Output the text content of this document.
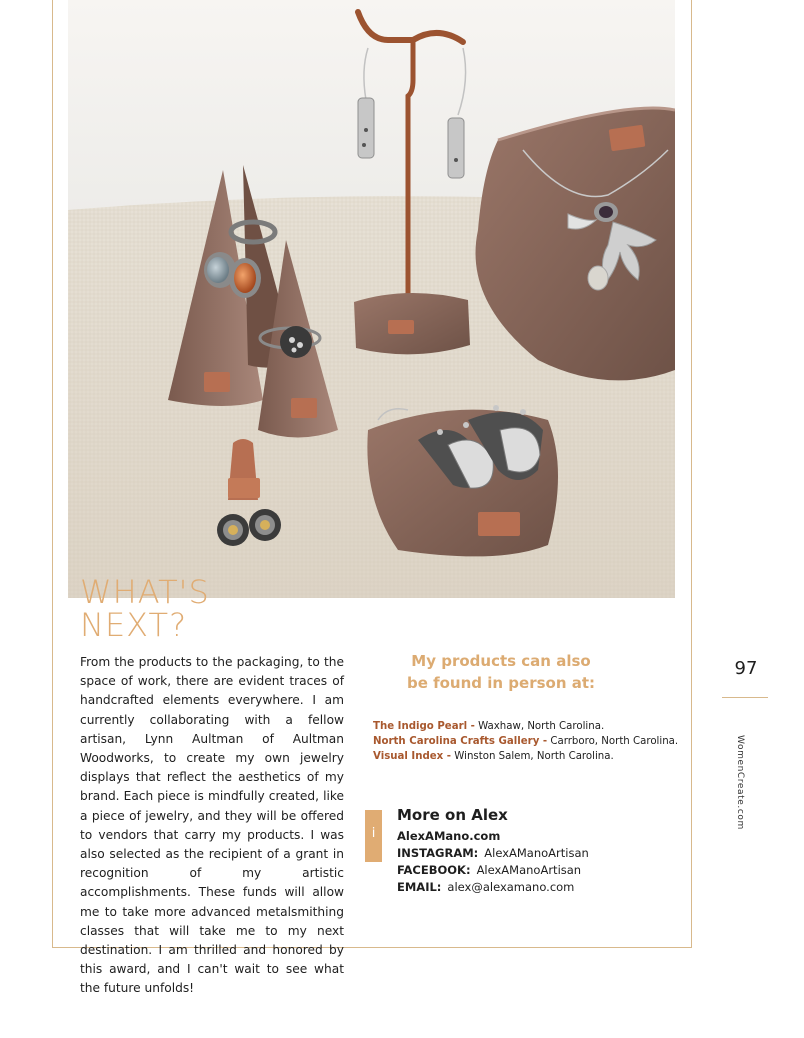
WHAT'S
NEXT?

From the products to the packaging, to the space of work, there are evident traces of handcrafted elements everywhere. I am currently collaborating with a fellow artisan, Lynn Aultman of Aultman Woodworks, to create my own jewelry displays that reflect the aesthetics of my brand. Each piece is mindfully created, like a piece of jewelry, and they will be offered to vendors that carry my products. I was also selected as the recipient of a grant in recognition of my artistic accomplishments. These funds will allow me to take more advanced metalsmithing classes that will take me to my next destination. I am thrilled and honored by this award, and I can't wait to see what the future unfolds!

My products can also
be found in person at:
The Indigo Pearl - Waxhaw, North Carolina.
North Carolina Crafts Gallery - Carrboro, North Carolina.
Visual Index - Winston Salem, North Carolina.
i
More on Alex
AlexAMano.com
INSTAGRAM: AlexAManoArtisan
FACEBOOK: AlexAManoArtisan
EMAIL: alex@alexamano.com
97
WomenCreate.com
